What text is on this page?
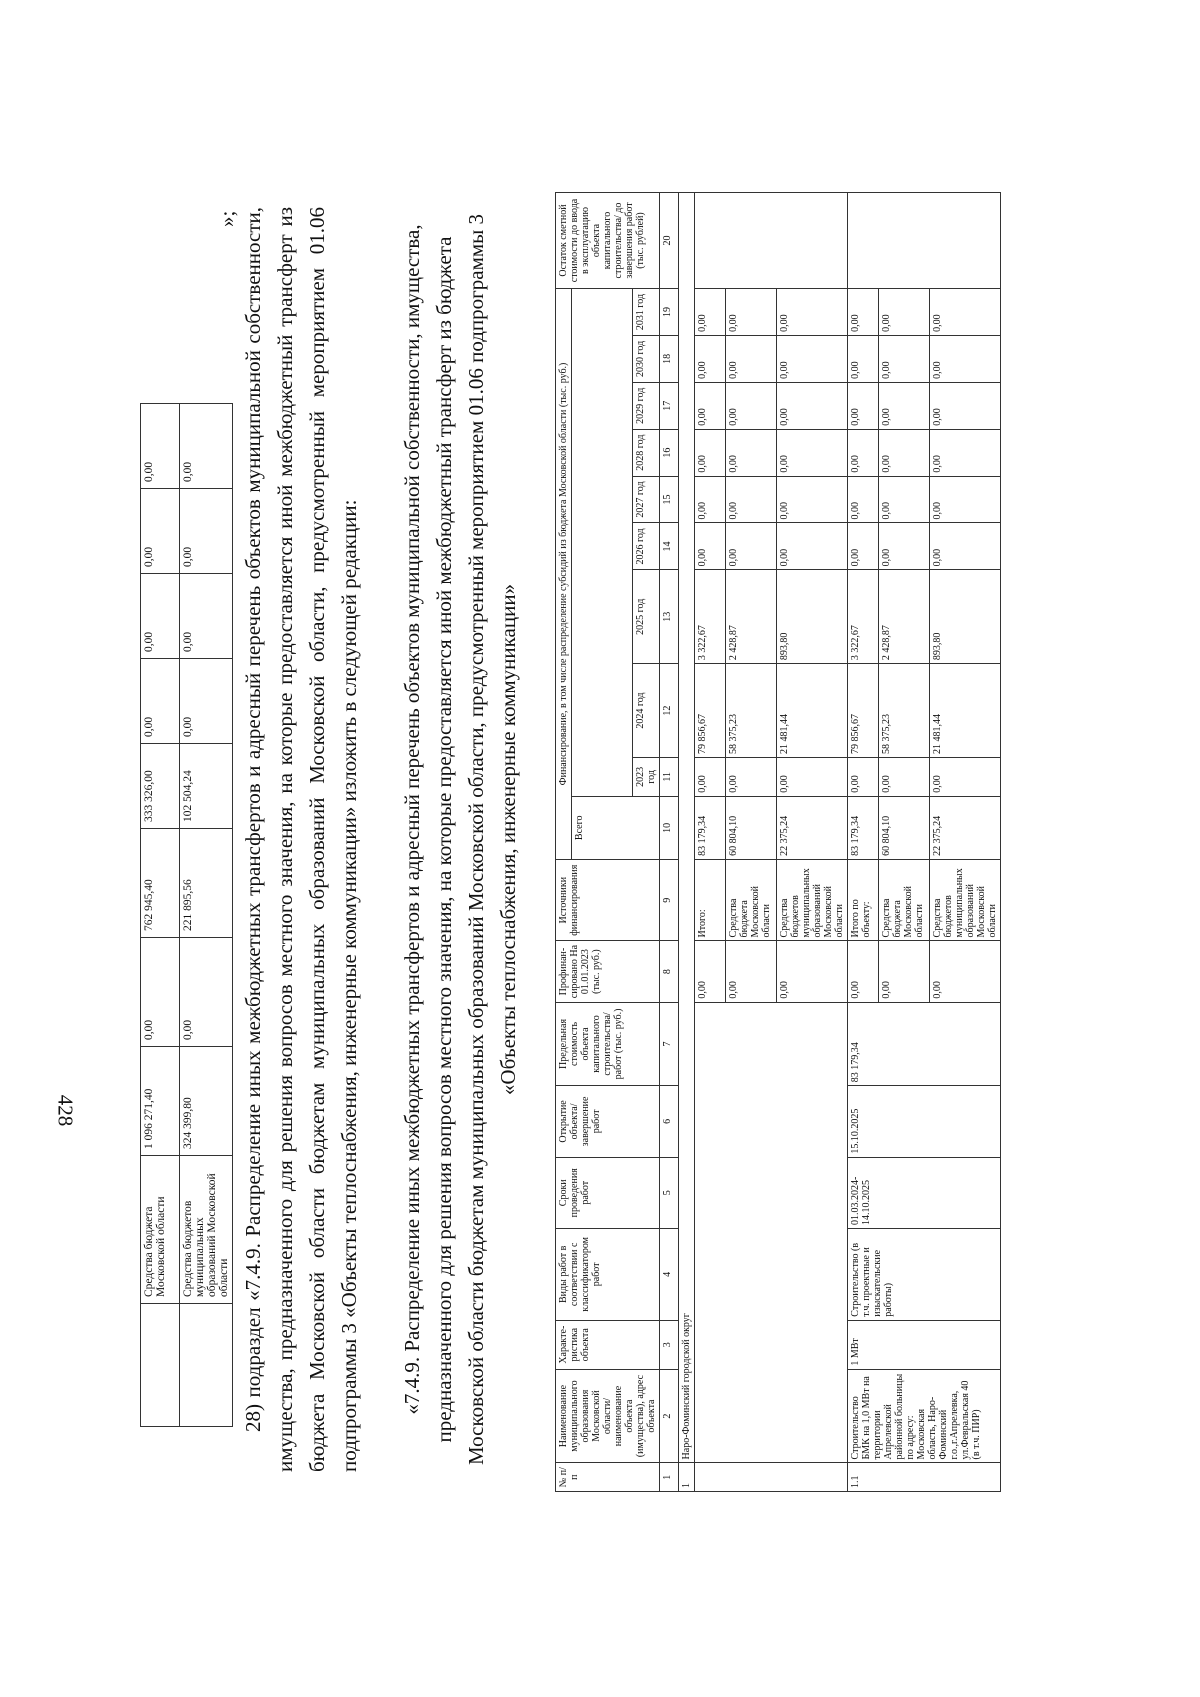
428
	Средства бюджета Московской области	1 096 271,40	0,00	762 945,40	333 326,00	0,00	0,00	0,00	0,00
	Средства бюджетов муниципальных образований Московской области	324 399,80	0,00	221 895,56	102 504,24	0,00	0,00	0,00	0,00
»; 28) подраздел «7.4.9. Распределение иных межбюджетных трансфертов и адресный перечень объектов муниципальной собственности, имущества, предназначенного для решения вопросов местного значения, на которые предоставляется иной межбюджетный трансферт из бюджета Московской области бюджетам муниципальных образований Московской области, предусмотренный мероприятием 01.06 подпрограммы 3 «Объекты теплоснабжения, инженерные коммуникации» изложить в следующей редакции: «7.4.9. Распределение иных межбюджетных трансфертов и адресный перечень объектов муниципальной собственности, имущества, предназначенного для решения вопросов местного значения, на которые предоставляется иной межбюджетный трансферт из бюджета Московской области бюджетам муниципальных образований Московской области, предусмотренный мероприятием 01.06 подпрограммы 3 «Объекты теплоснабжения, инженерные коммуникации»
№ п/п	Наименование муниципального образования Московской области/ наименование объекта (имущества), адрес объекта	Характе-ристика объекта	Виды работ в соответствии с классификатором работ	Сроки проведения работ	Открытие объекта/ завершение работ	Предельная стоимость объекта капитального строительства/ работ (тыс. руб.)	Профинан-сировано На 01.01.2023 (тыс. руб.)	Источники финансирования	Финансирование, в том числе распределение субсидий из бюджета Московской области (тыс. руб.)										Остаток сметной стоимости до ввода в эксплуатацию объекта капитального строительства/ до завершения работ (тыс. рублей)
									Всего										
										2023 год	2024 год	2025 год	2026 год	2027 год	2028 год	2029 год	2030 год	2031 год	
1	2	3	4	5	6	7	8	9	10	11	12	13	14	15	16	17	18	19	20
1	Наро-Фоминский городской округ																		
							0,00	Итого:	83 179,34	0,00	79 856,67	3 322,67	0,00	0,00	0,00	0,00	0,00	0,00	
							0,00	Средства бюджета Московской области	60 804,10	0,00	58 375,23	2 428,87	0,00	0,00	0,00	0,00	0,00	0,00	
							0,00	Средства бюджетов муниципальных образований Московской области	22 375,24	0,00	21 481,44	893,80	0,00	0,00	0,00	0,00	0,00	0,00	
1.1	Строительство БМК на 1,0 МВт на территории Апрелевской районной больницы по адресу: Московская область, Наро-Фоминский г.о.,г.Апрелевка, ул.Февральская 40 (в т.ч. ПИР)	1 МВт	Строительство (в т.ч. проектные и изыскательские работы)	01.03.2024-14.10.2025	15.10.2025	83 179,34	0,00	Итого по объекту:	83 179,34	0,00	79 856,67	3 322,67	0,00	0,00	0,00	0,00	0,00	0,00	
							0,00	Средства бюджета Московской области	60 804,10	0,00	58 375,23	2 428,87	0,00	0,00	0,00	0,00	0,00	0,00	
							0,00	Средства бюджетов муниципальных образований Московской области	22 375,24	0,00	21 481,44	893,80	0,00	0,00	0,00	0,00	0,00	0,00	
